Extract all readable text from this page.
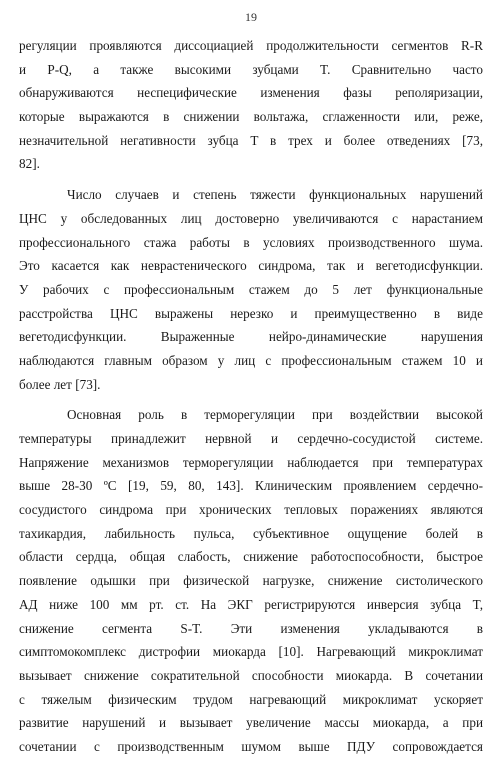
19
регуляции проявляются диссоциацией продолжительности сегментов R-R
и P-Q, а также высокими зубцами T. Сравнительно часто
обнаруживаются неспецифические изменения фазы реполяризации,
которые выражаются в снижении вольтажа, сглаженности или, реже,
незначительной негативности зубца T в трех и более отведениях [73,
82].
Число случаев и степень тяжести функциональных нарушений
ЦНС у обследованных лиц достоверно увеличиваются с нарастанием
профессионального стажа работы в условиях производственного шума.
Это касается как неврастенического синдрома, так и вегетодисфункции.
У рабочих с профессиональным стажем до 5 лет функциональные
расстройства ЦНС выражены нерезко и преимущественно в виде
вегетодисфункции. Выраженные нейро-динамические нарушения
наблюдаются главным образом у лиц с профессиональным стажем 10 и
более лет [73].
Основная роль в терморегуляции при воздействии высокой
температуры принадлежит нервной и сердечно-сосудистой системе.
Напряжение механизмов терморегуляции наблюдается при температурах
выше 28-30 ºС [19, 59, 80, 143]. Клиническим проявлением сердечно-
сосудистого синдрома при хронических тепловых поражениях являются
тахикардия, лабильность пульса, субъективное ощущение болей в
области сердца, общая слабость, снижение работоспособности, быстрое
появление одышки при физической нагрузке, снижение систолического
АД ниже 100 мм рт. ст. На ЭКГ регистрируются инверсия зубца T,
снижение сегмента S-T. Эти изменения укладываются в
симптомокомплекс дистрофии миокарда [10]. Нагревающий микроклимат
вызывает снижение сократительной способности миокарда. В сочетании
с тяжелым физическим трудом нагревающий микроклимат ускоряет
развитие нарушений и вызывает увеличение массы миокарда, а при
сочетании с производственным шумом выше ПДУ сопровождается
